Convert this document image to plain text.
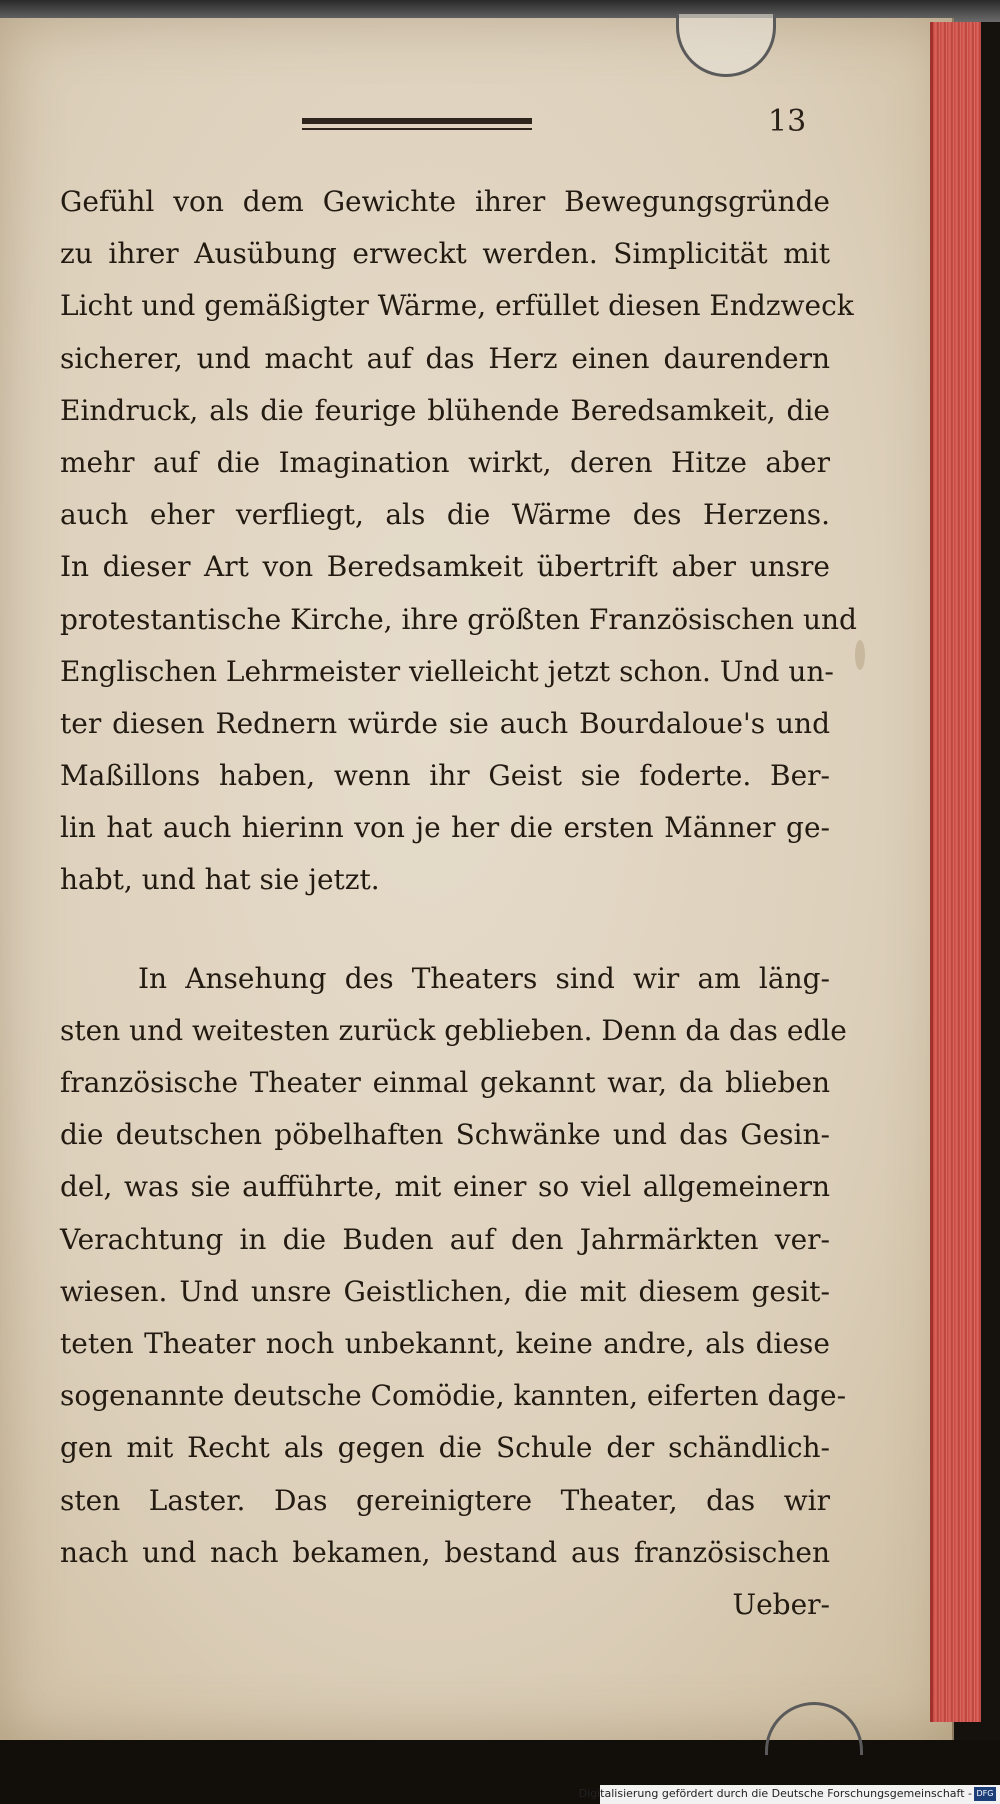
13
Gefühl von dem Gewichte ihrer Bewegungsgründe
zu ihrer Ausübung erweckt werden. Simplicität mit
Licht und gemäßigter Wärme, erfüllet diesen Endzweck
sicherer, und macht auf das Herz einen daurendern
Eindruck, als die feurige blühende Beredsamkeit, die
mehr auf die Imagination wirkt, deren Hitze aber
auch eher verfliegt, als die Wärme des Herzens.
In dieser Art von Beredsamkeit übertrift aber unsre
protestantische Kirche, ihre größten Französischen und
Englischen Lehrmeister vielleicht jetzt schon. Und un-
ter diesen Rednern würde sie auch Bourdaloue's und
Maßillons haben, wenn ihr Geist sie foderte. Ber-
lin hat auch hierinn von je her die ersten Männer ge-
habt, und hat sie jetzt.
In Ansehung des Theaters sind wir am läng-
sten und weitesten zurück geblieben. Denn da das edle
französische Theater einmal gekannt war, da blieben
die deutschen pöbelhaften Schwänke und das Gesin-
del, was sie aufführte, mit einer so viel allgemeinern
Verachtung in die Buden auf den Jahrmärkten ver-
wiesen. Und unsre Geistlichen, die mit diesem gesit-
teten Theater noch unbekannt, keine andre, als diese
sogenannte deutsche Comödie, kannten, eiferten dage-
gen mit Recht als gegen die Schule der schändlich-
sten Laster. Das gereinigtere Theater, das wir
nach und nach bekamen, bestand aus französischen
Ueber-
Digitalisierung gefördert durch die Deutsche Forschungsgemeinschaft - DFG
